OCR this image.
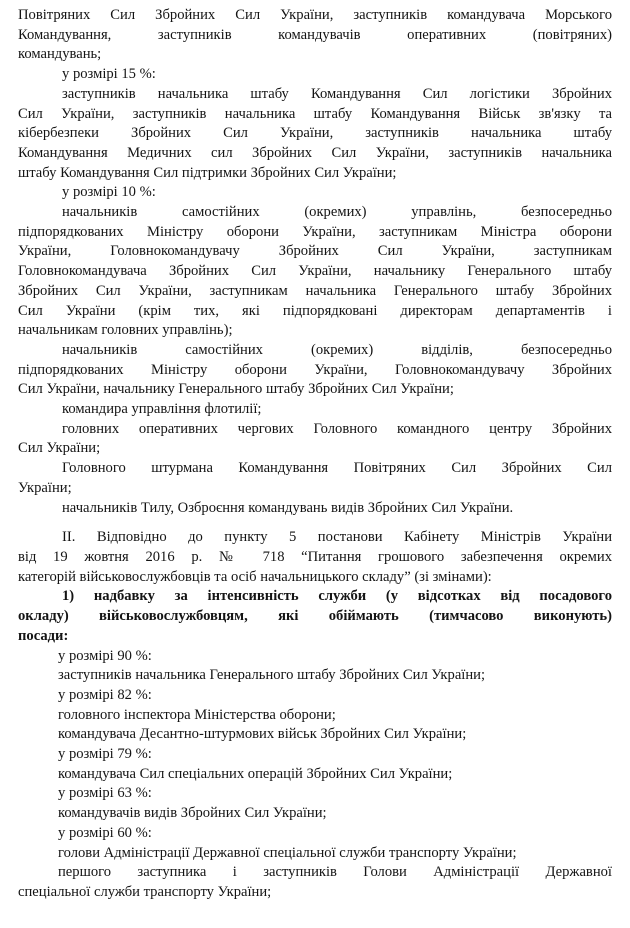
Повітряних Сил Збройних Сил України, заступників командувача Морського
Командування, заступників командувачів оперативних (повітряних)
командувань;
у розмірі 15 %:
заступників начальника штабу Командування Сил логістики Збройних
Сил України, заступників начальника штабу Командування Військ зв'язку та
кібербезпеки Збройних Сил України, заступників начальника штабу
Командування Медичних сил Збройних Сил України, заступників начальника
штабу Командування Сил підтримки Збройних Сил України;
у розмірі 10 %:
начальників самостійних (окремих) управлінь, безпосередньо
підпорядкованих Міністру оборони України, заступникам Міністра оборони
України, Головнокомандувачу Збройних Сил України, заступникам
Головнокомандувача Збройних Сил України, начальнику Генерального штабу
Збройних Сил України, заступникам начальника Генерального штабу Збройних
Сил України (крім тих, які підпорядковані директорам департаментів і
начальникам головних управлінь);
начальників самостійних (окремих) відділів, безпосередньо
підпорядкованих Міністру оборони України, Головнокомандувачу Збройних
Сил України, начальнику Генерального штабу Збройних Сил України;
командира управління флотилії;
головних оперативних чергових Головного командного центру Збройних
Сил України;
Головного штурмана Командування Повітряних Сил Збройних Сил
України;
начальників Тилу, Озброєння командувань видів Збройних Сил України.
II. Відповідно до пункту 5 постанови Кабінету Міністрів України
від 19 жовтня 2016 р. № 718 “Питання грошового забезпечення окремих
категорій військовослужбовців та осіб начальницького складу” (зі змінами):
1) надбавку за інтенсивність служби (у відсотках від посадового
окладу) військовослужбовцям, які обіймають (тимчасово виконують)
посади:
у розмірі 90 %:
заступників начальника Генерального штабу Збройних Сил України;
у розмірі 82 %:
головного інспектора Міністерства оборони;
командувача Десантно-штурмових військ Збройних Сил України;
у розмірі 79 %:
командувача Сил спеціальних операцій Збройних Сил України;
у розмірі 63 %:
командувачів видів Збройних Сил України;
у розмірі 60 %:
голови Адміністрації Державної спеціальної служби транспорту України;
першого заступника і заступників Голови Адміністрації Державної
спеціальної служби транспорту України;
